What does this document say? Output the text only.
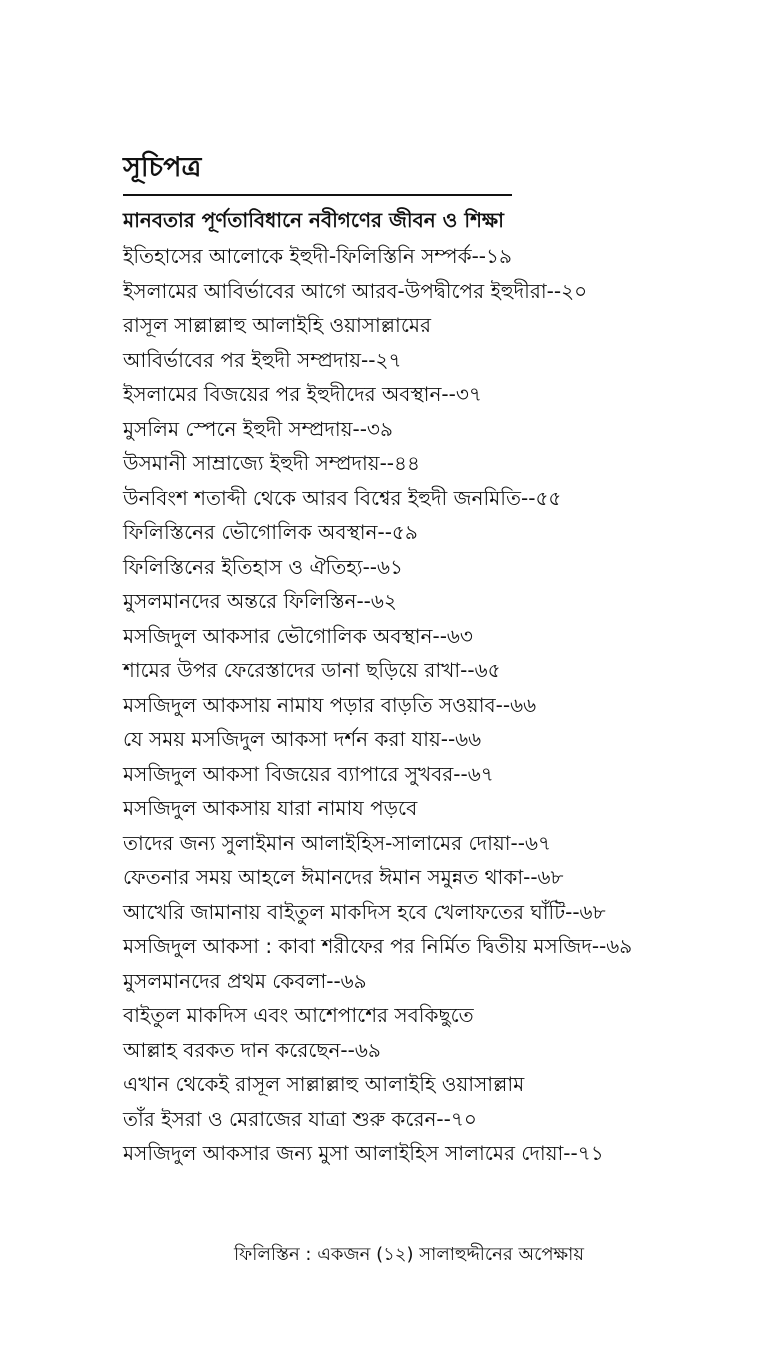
সূচিপত্র
মানবতার পূর্ণতাবিধানে নবীগণের জীবন ও শিক্ষা
ইতিহাসের আলোকে ইহুদী-ফিলিস্তিনি সম্পর্ক--১৯
ইসলামের আবির্ভাবের আগে আরব-উপদ্বীপের ইহুদীরা--২০
রাসূল সাল্লাল্লাহু আলাইহি ওয়াসাল্লামের
আবির্ভাবের পর ইহুদী সম্প্রদায়--২৭
ইসলামের বিজয়ের পর ইহুদীদের অবস্থান--৩৭
মুসলিম স্পেনে ইহুদী সম্প্রদায়--৩৯
উসমানী সাম্রাজ্যে ইহুদী সম্প্রদায়--৪৪
উনবিংশ শতাব্দী থেকে আরব বিশ্বের ইহুদী জনমিতি--৫৫
ফিলিস্তিনের ভৌগোলিক অবস্থান--৫৯
ফিলিস্তিনের ইতিহাস ও ঐতিহ্য--৬১
মুসলমানদের অন্তরে ফিলিস্তিন--৬২
মসজিদুল আকসার ভৌগোলিক অবস্থান--৬৩
শামের উপর ফেরেস্তাদের ডানা ছড়িয়ে রাখা--৬৫
মসজিদুল আকসায় নামায পড়ার বাড়তি সওয়াব--৬৬
যে সময় মসজিদুল আকসা দর্শন করা যায়--৬৬
মসজিদুল আকসা বিজয়ের ব্যাপারে সুখবর--৬৭
মসজিদুল আকসায় যারা নামায পড়বে
তাদের জন্য সুলাইমান আলাইহিস-সালামের দোয়া--৬৭
ফেতনার সময় আহলে ঈমানদের ঈমান সমুন্নত থাকা--৬৮
আখেরি জামানায় বাইতুল মাকদিস হবে খেলাফতের ঘাঁটি--৬৮
মসজিদুল আকসা : কাবা শরীফের পর নির্মিত দ্বিতীয় মসজিদ--৬৯
মুসলমানদের প্রথম কেবলা--৬৯
বাইতুল মাকদিস এবং আশেপাশের সবকিছুতে
আল্লাহ বরকত দান করেছেন--৬৯
এখান থেকেই রাসূল সাল্লাল্লাহু আলাইহি ওয়াসাল্লাম
তাঁর ইসরা ও মেরাজের যাত্রা শুরু করেন--৭০
মসজিদুল আকসার জন্য মুসা আলাইহিস সালামের দোয়া--৭১
ফিলিস্তিন : একজন (১২) সালাহুদ্দীনের অপেক্ষায়
